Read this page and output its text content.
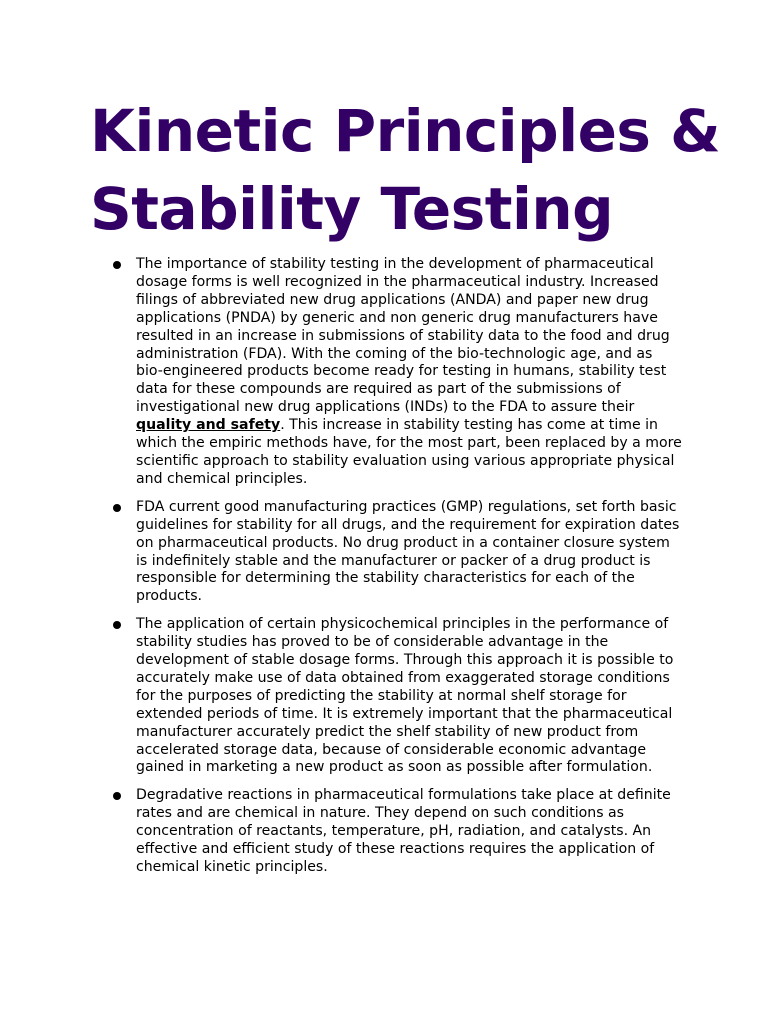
Kinetic Principles & Stability Testing
The importance of stability testing in the development of pharmaceutical dosage forms is well recognized in the pharmaceutical industry. Increased filings of abbreviated new drug applications (ANDA) and paper new drug applications (PNDA) by generic and non generic drug manufacturers have resulted in an increase in submissions of stability data to the food and drug administration (FDA). With the coming of the bio-technologic age, and as bio-engineered products become ready for testing in humans, stability test data for these compounds are required as part of the submissions of investigational new drug applications (INDs) to the FDA to assure their quality and safety. This increase in stability testing has come at time in which the empiric methods have, for the most part, been replaced by a more scientific approach to stability evaluation using various appropriate physical and chemical principles.
FDA current good manufacturing practices (GMP) regulations, set forth basic guidelines for stability for all drugs, and the requirement for expiration dates on pharmaceutical products. No drug product in a container closure system is indefinitely stable and the manufacturer or packer of a drug product is responsible for determining the stability characteristics for each of the products.
The application of certain physicochemical principles in the performance of stability studies has proved to be of considerable advantage in the development of stable dosage forms. Through this approach it is possible to accurately make use of data obtained from exaggerated storage conditions for the purposes of predicting the stability at normal shelf storage for extended periods of time. It is extremely important that the pharmaceutical manufacturer accurately predict the shelf stability of new product from accelerated storage data, because of considerable economic advantage gained in marketing a new product as soon as possible after formulation.
Degradative reactions in pharmaceutical formulations take place at definite rates and are chemical in nature. They depend on such conditions as concentration of reactants, temperature, pH, radiation, and catalysts. An effective and efficient study of these reactions requires the application of chemical kinetic principles.
